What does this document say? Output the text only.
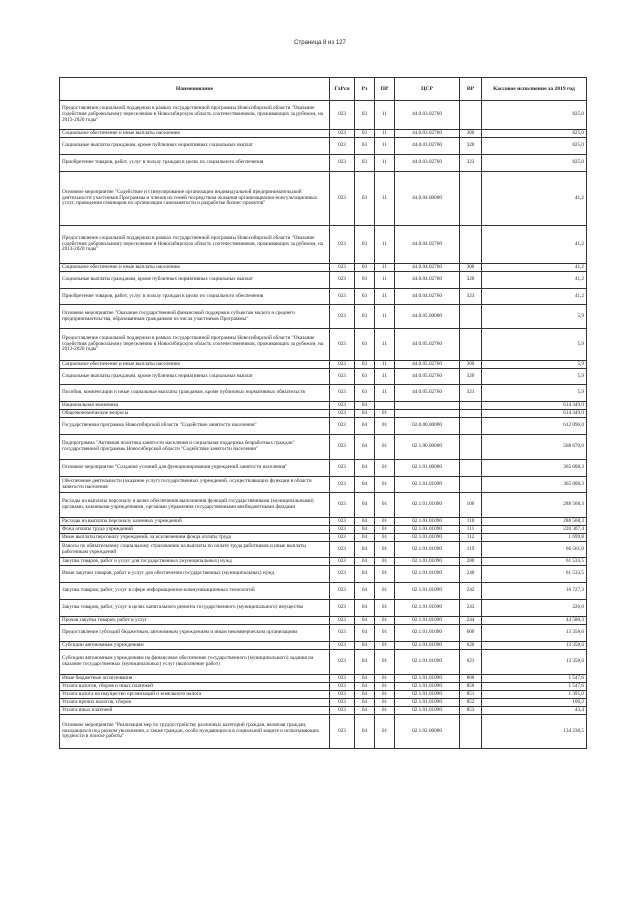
Страница 8 из 127
Наименование	ГлРсп	Рз	ПР	ЦСР	ВР	Кассовое исполнение за 2019 год
Предоставление социальной поддержки в рамках государственной программы Новосибирской области "Оказание содействия добровольному переселению в Новосибирскую область соотечественников, проживающих за рубежом, на 2013-2020 годы"	023	03	11	44.0.03.02760		825,0
Социальное обеспечение и иные выплаты населению	023	03	11	44.0.03.02760	300	825,0
Социальные выплаты гражданам, кроме публичных нормативных социальных выплат	023	03	11	44.0.03.02760	320	825,0
Приобретение товаров, работ, услуг в пользу граждан в целях их социального обеспечения	023	03	11	44.0.03.02760	323	825,0
Основное мероприятие "Содействие и стимулирование организации индивидуальной предпринимательской деятельности участников Программы и членов их семей посредством оказания организационно-консультационных услуг, проведения семинаров по организации самозанятости и разработке бизнес-проектов"	023	03	11	44.0.04.00000		41,2
Предоставление социальной поддержки в рамках государственной программы Новосибирской области "Оказание содействия добровольному переселению в Новосибирскую область соотечественников, проживающих за рубежом, на 2013-2020 годы"	023	03	11	44.0.04.02760		41,2
Социальное обеспечение и иные выплаты населению	023	03	11	44.0.04.02760	300	41,2
Социальные выплаты гражданам, кроме публичных нормативных социальных выплат	023	03	11	44.0.04.02760	320	41,2
Приобретение товаров, работ, услуг в пользу граждан в целях их социального обеспечения	023	03	11	44.0.04.02760	323	41,2
Основное мероприятие "Оказание государственной финансовой поддержки субъектам малого и среднего предпринимательства, образованным гражданами из числа участников Программы"	023	03	11	44.0.05.00000		5,9
Предоставление социальной поддержки в рамках государственной программы Новосибирской области "Оказание содействия добровольному переселению в Новосибирскую область соотечественников, проживающих за рубежом, на 2013-2020 годы"	023	03	11	44.0.05.02760		5,9
Социальное обеспечение и иные выплаты населению	023	03	11	44.0.05.02760	300	5,9
Социальные выплаты гражданам, кроме публичных нормативных социальных выплат	023	03	11	44.0.05.02760	320	5,9
Пособия, компенсации и иные социальные выплаты гражданам, кроме публичных нормативных обязательств	023	03	11	44.0.05.02760	321	5,9
Национальная экономика	023	04				614 349,0
Общеэкономические вопросы	023	04	01			614 349,0
Государственная программа Новосибирской области "Содействие занятости населения"	023	04	01	02.0.00.00000		612 096,0
Подпрограмма "Активная политика занятости населения и социальная поддержка безработных граждан" государственной программы Новосибирской области "Содействие занятости населения"	023	04	01	02.1.00.00000		568 670,0
Основное мероприятие "Создание условий для функционирования учреждений занятости населения"	023	04	01	02.1.01.00000		365 008,3
Обеспечение деятельности (оказание услуг) государственных учреждений, осуществляющих функции в области занятости населения	023	04	01	02.1.01.01090		365 008,3
Расходы на выплаты персоналу в целях обеспечения выполнения функций государственными (муниципальными) органами, казенными учреждениями, органами управления государственными внебюджетными фондами	023	04	01	02.1.01.01090	100	288 568,3
Расходы на выплаты персоналу казенных учреждений	023	04	01	02.1.01.01090	110	288 568,3
Фонд оплаты труда учреждений	023	04	01	02.1.01.01090	111	220 307,4
Иные выплаты персоналу учреждений, за исключением фонда оплаты труда	023	04	01	02.1.01.01090	112	1 699,8
Взносы по обязательному социальному страхованию на выплаты по оплате труда работников и иные выплаты работникам учреждений	023	04	01	02.1.01.01090	119	66 561,0
Закупка товаров, работ и услуг для государственных (муниципальных) нужд	023	04	01	02.1.01.01090	200	61 533,5
Иные закупки товаров, работ и услуг для обеспечения государственных (муниципальных) нужд	023	04	01	02.1.01.01090	240	61 533,5
Закупка товаров, работ, услуг в сфере информационно-коммуникационных технологий	023	04	01	02.1.01.01090	242	16 727,3
Закупка товаров, работ, услуг в целях капитального ремонта государственного (муниципального) имущества	023	04	01	02.1.01.01090	243	226,0
Прочая закупка товаров, работ и услуг	023	04	01	02.1.01.01090	244	44 580,3
Предоставление субсидий бюджетным, автономным учреждениям и иным некоммерческим организациям	023	04	01	02.1.01.01090	600	13 358,6
Субсидии автономным учреждениям	023	04	01	02.1.01.01090	620	13 358,6
Субсидии автономным учреждениям на финансовое обеспечение государственного (муниципального) задания на оказание государственных (муниципальных) услуг (выполнение работ)	023	04	01	02.1.01.01090	621	13 358,6
Иные бюджетные ассигнования	023	04	01	02.1.01.01090	800	1 547,6
Уплата налогов, сборов и иных платежей	023	04	01	02.1.01.01090	850	1 547,6
Уплата налога на имущество организаций и земельного налога	023	04	01	02.1.01.01090	851	1 395,0
Уплата прочих налогов, сборов	023	04	01	02.1.01.01090	852	109,2
Уплата иных платежей	023	04	01	02.1.01.01090	853	43,4
Основное мероприятие "Реализация мер по трудоустройству различных категорий граждан, включая граждан, находящихся под риском увольнения, а также граждан, особо нуждающихся в социальной защите и испытывающих трудности в поиске работы"	023	04	01	02.1.02.00000		134 238,5
